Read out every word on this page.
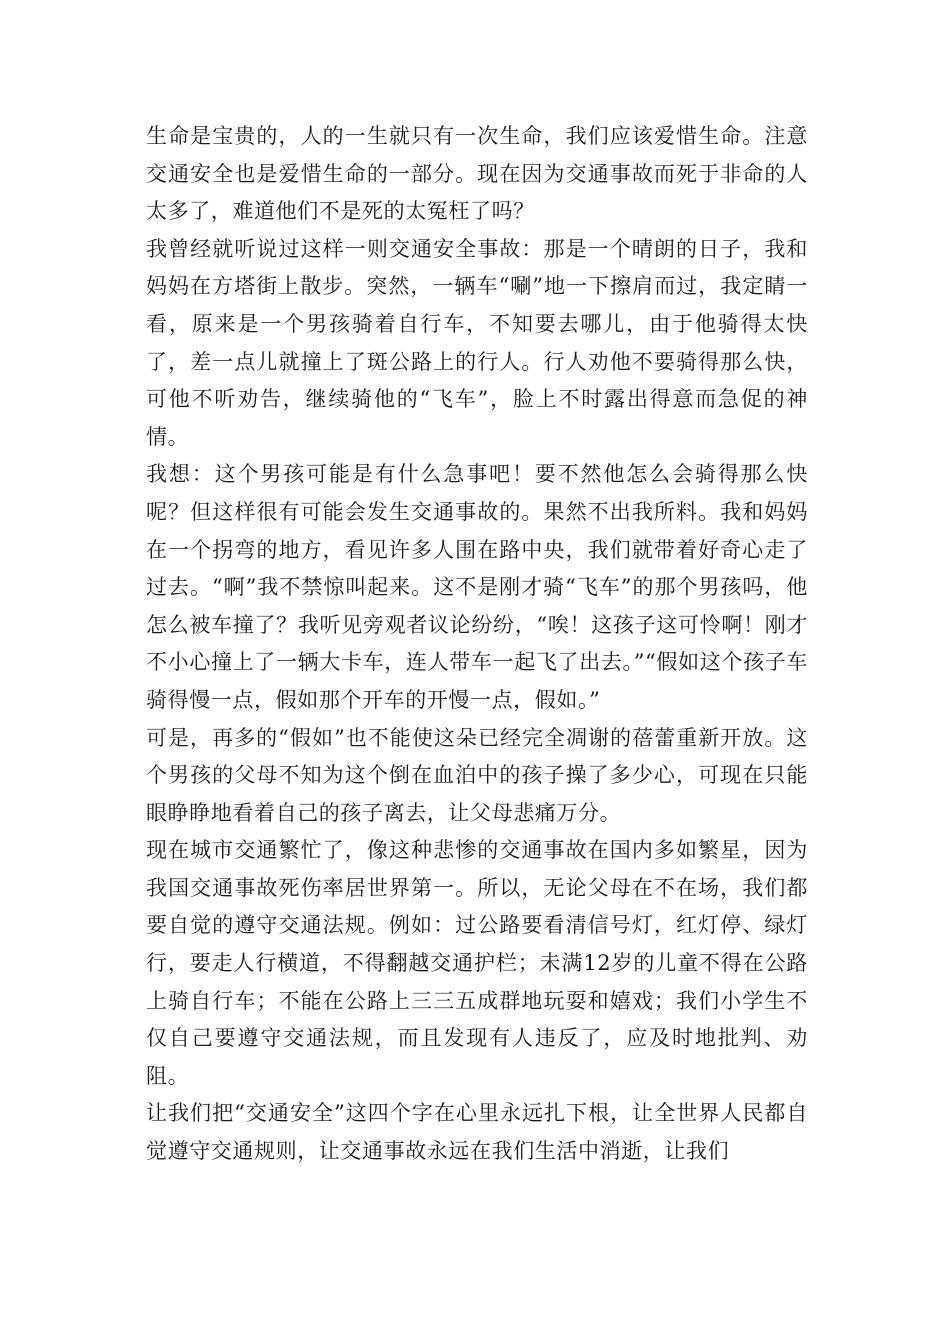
生命是宝贵的，人的一生就只有一次生命，我们应该爱惜生命。注意交通安全也是爱惜生命的一部分。现在因为交通事故而死于非命的人太多了，难道他们不是死的太冤枉了吗？

我曾经就听说过这样一则交通安全事故：那是一个晴朗的日子，我和妈妈在方塔街上散步。突然，一辆车“唰”地一下擦肩而过，我定睛一看，原来是一个男孩骑着自行车，不知要去哪儿，由于他骑得太快了，差一点儿就撞上了斑公路上的行人。行人劝他不要骑得那么快，可他不听劝告，继续骑他的“飞车”，脸上不时露出得意而急促的神情。

我想：这个男孩可能是有什么急事吧！要不然他怎么会骑得那么快呢？但这样很有可能会发生交通事故的。果然不出我所料。我和妈妈在一个拐弯的地方，看见许多人围在路中央，我们就带着好奇心走了过去。“啊”我不禁惊叫起来。这不是刚才骑“飞车”的那个男孩吗，他怎么被车撞了？我听见旁观者议论纷纷，“唉！这孩子这可怜啊！刚才不小心撞上了一辆大卡车，连人带车一起飞了出去。”“假如这个孩子车骑得慢一点，假如那个开车的开慢一点，假如。”

可是，再多的“假如”也不能使这朵已经完全凋谢的蓓蕾重新开放。这个男孩的父母不知为这个倒在血泊中的孩子操了多少心，可现在只能眼睁睁地看着自己的孩子离去，让父母悲痛万分。

现在城市交通繁忙了，像这种悲惨的交通事故在国内多如繁星，因为我国交通事故死伤率居世界第一。所以，无论父母在不在场，我们都要自觉的遵守交通法规。例如：过公路要看清信号灯，红灯停、绿灯行，要走人行横道，不得翻越交通护栏；未满12岁的儿童不得在公路上骑自行车；不能在公路上三三五成群地玩耍和嬉戏；我们小学生不仅自己要遵守交通法规，而且发现有人违反了，应及时地批判、劝阻。

让我们把“交通安全”这四个字在心里永远扎下根，让全世界人民都自觉遵守交通规则，让交通事故永远在我们生活中消逝，让我们
